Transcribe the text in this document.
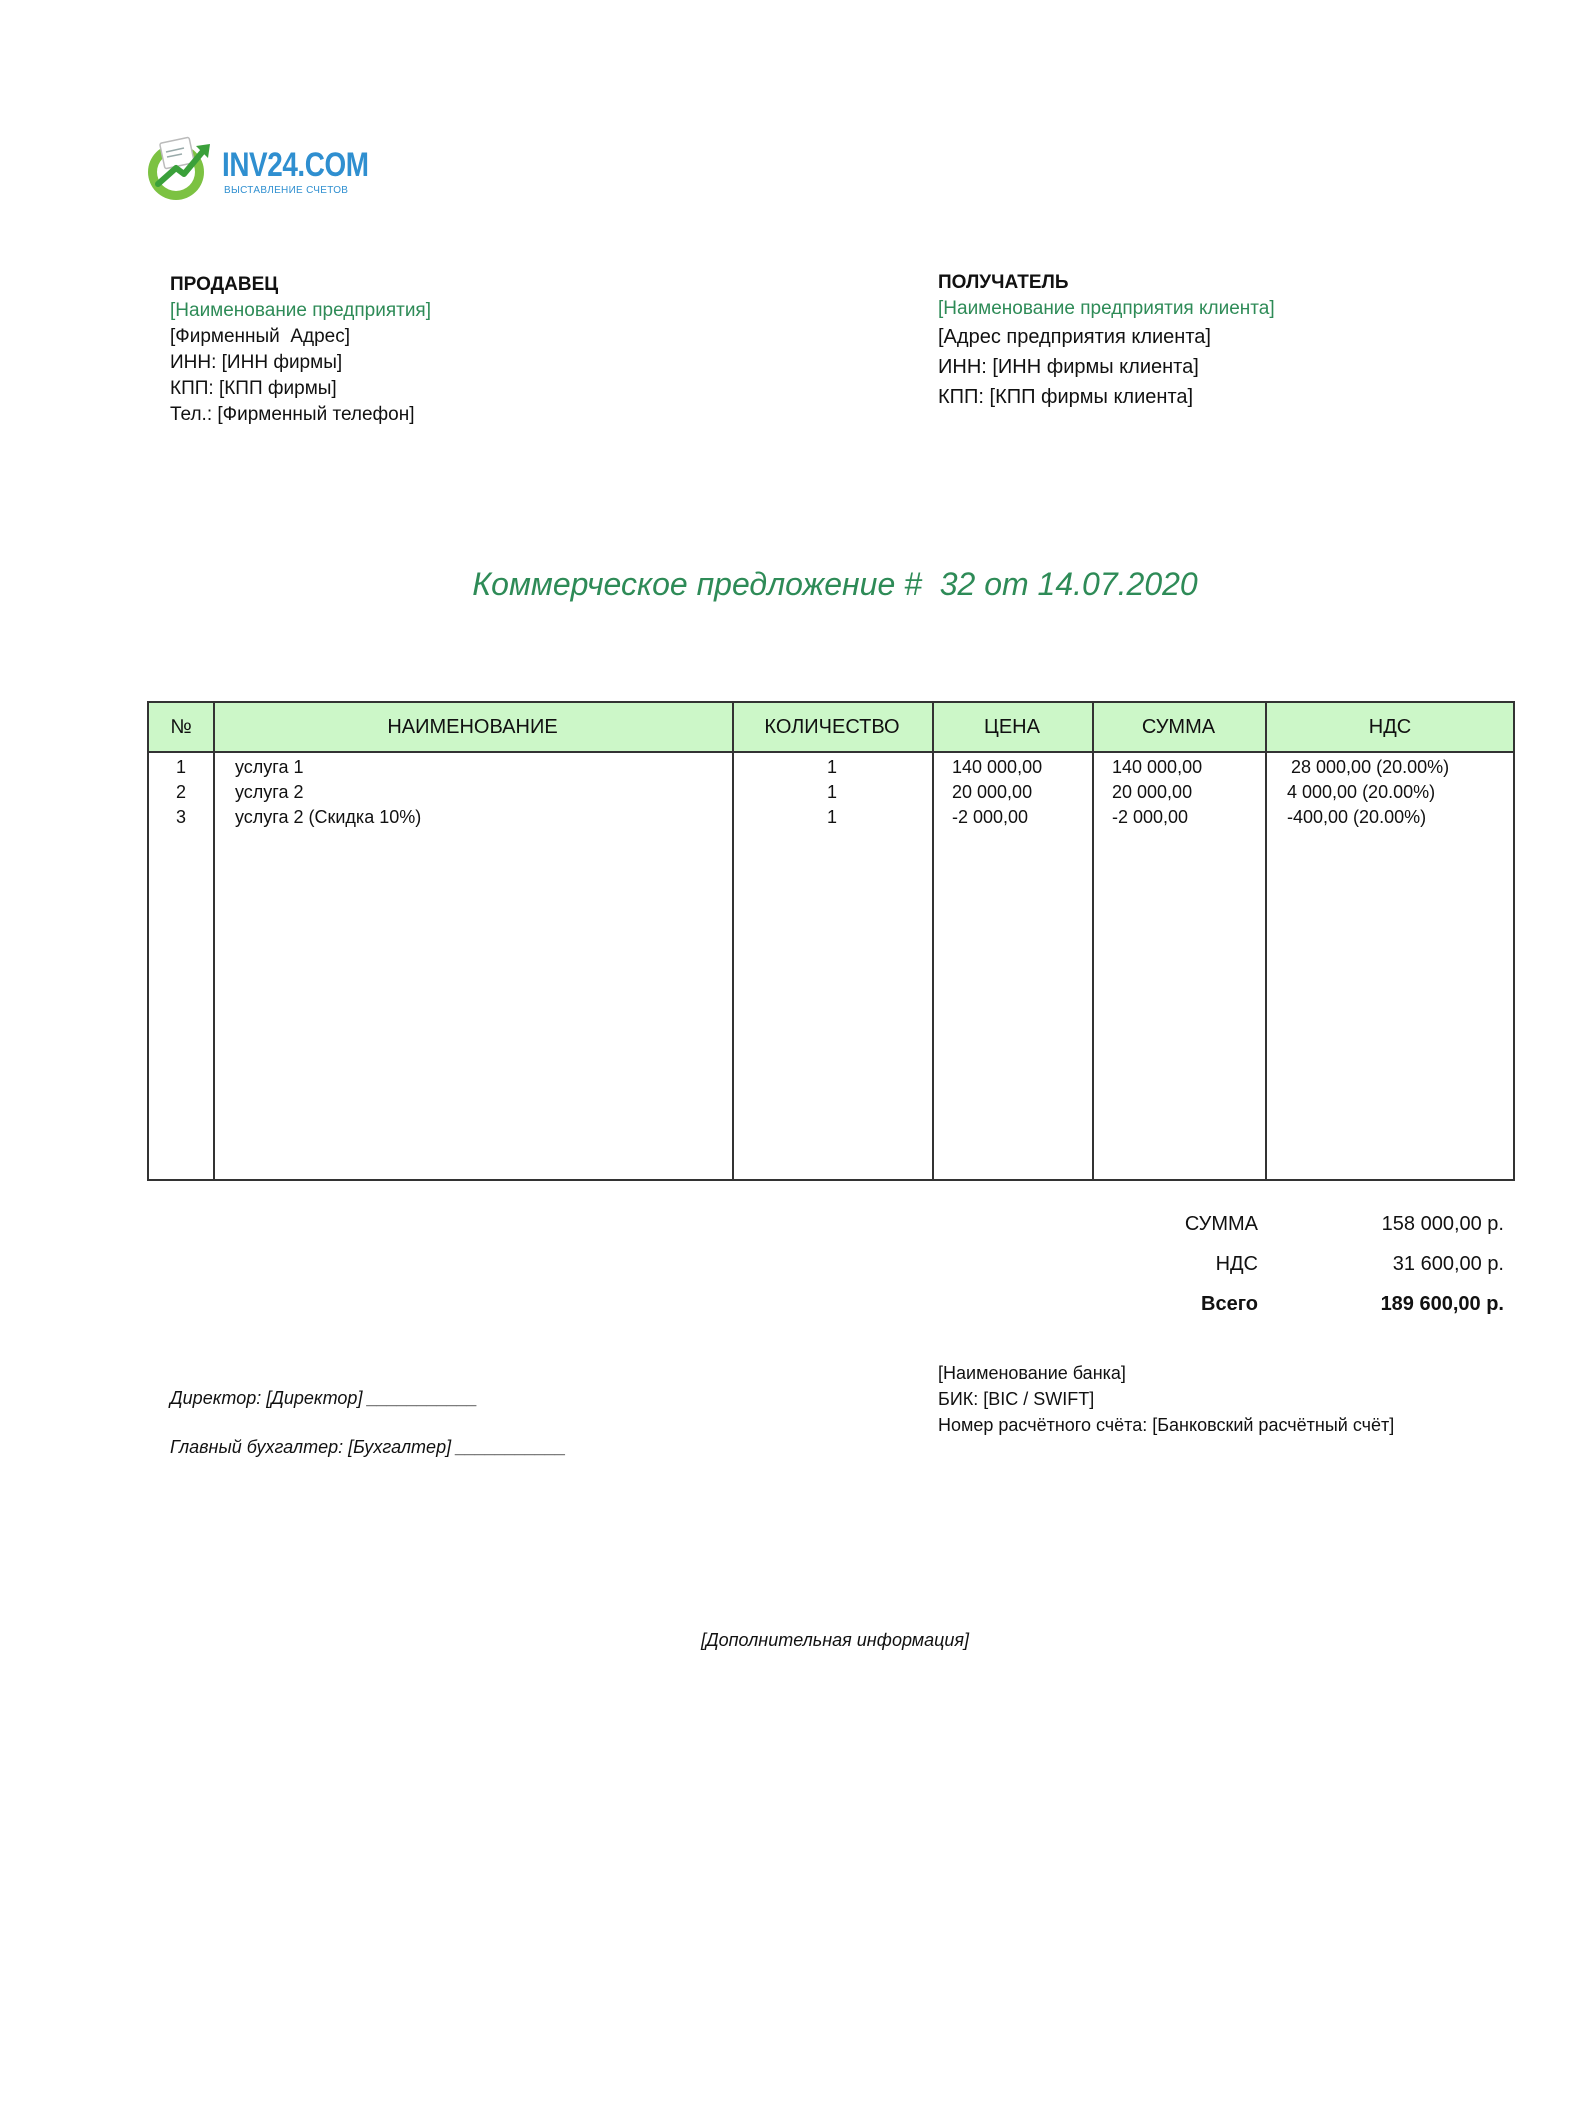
INV24.COM
ВЫСТАВЛЕНИЕ СЧЕТОВ
ПРОДАВЕЦ
[Наименование предприятия]
[Фирменный  Адрес]
ИНН: [ИНН фирмы]
КПП: [КПП фирмы]
Тел.: [Фирменный телефон]
ПОЛУЧАТЕЛЬ
[Наименование предприятия клиента]
[Адрес предприятия клиента]
ИНН: [ИНН фирмы клиента]
КПП: [КПП фирмы клиента]
Коммерческое предложение #  32 от 14.07.2020
№	НАИМЕНОВАНИЕ	КОЛИЧЕСТВО	ЦЕНА	СУММА	НДС
1	услуга 1	1	140 000,00	140 000,00	28 000,00 (20.00%)
2	услуга 2	1	20 000,00	20 000,00	4 000,00 (20.00%)
3	услуга 2 (Скидка 10%)	1	-2 000,00	-2 000,00	-400,00 (20.00%)
СУММА	158 000,00 р.
НДС	31 600,00 р.
Всего	189 600,00 р.
Директор: [Директор] ___________
Главный бухгалтер: [Бухгалтер] ___________
[Наименование банка]
БИК: [BIC / SWIFT]
Номер расчётного счёта: [Банковский расчётный счёт]
[Дополнительная информация]
